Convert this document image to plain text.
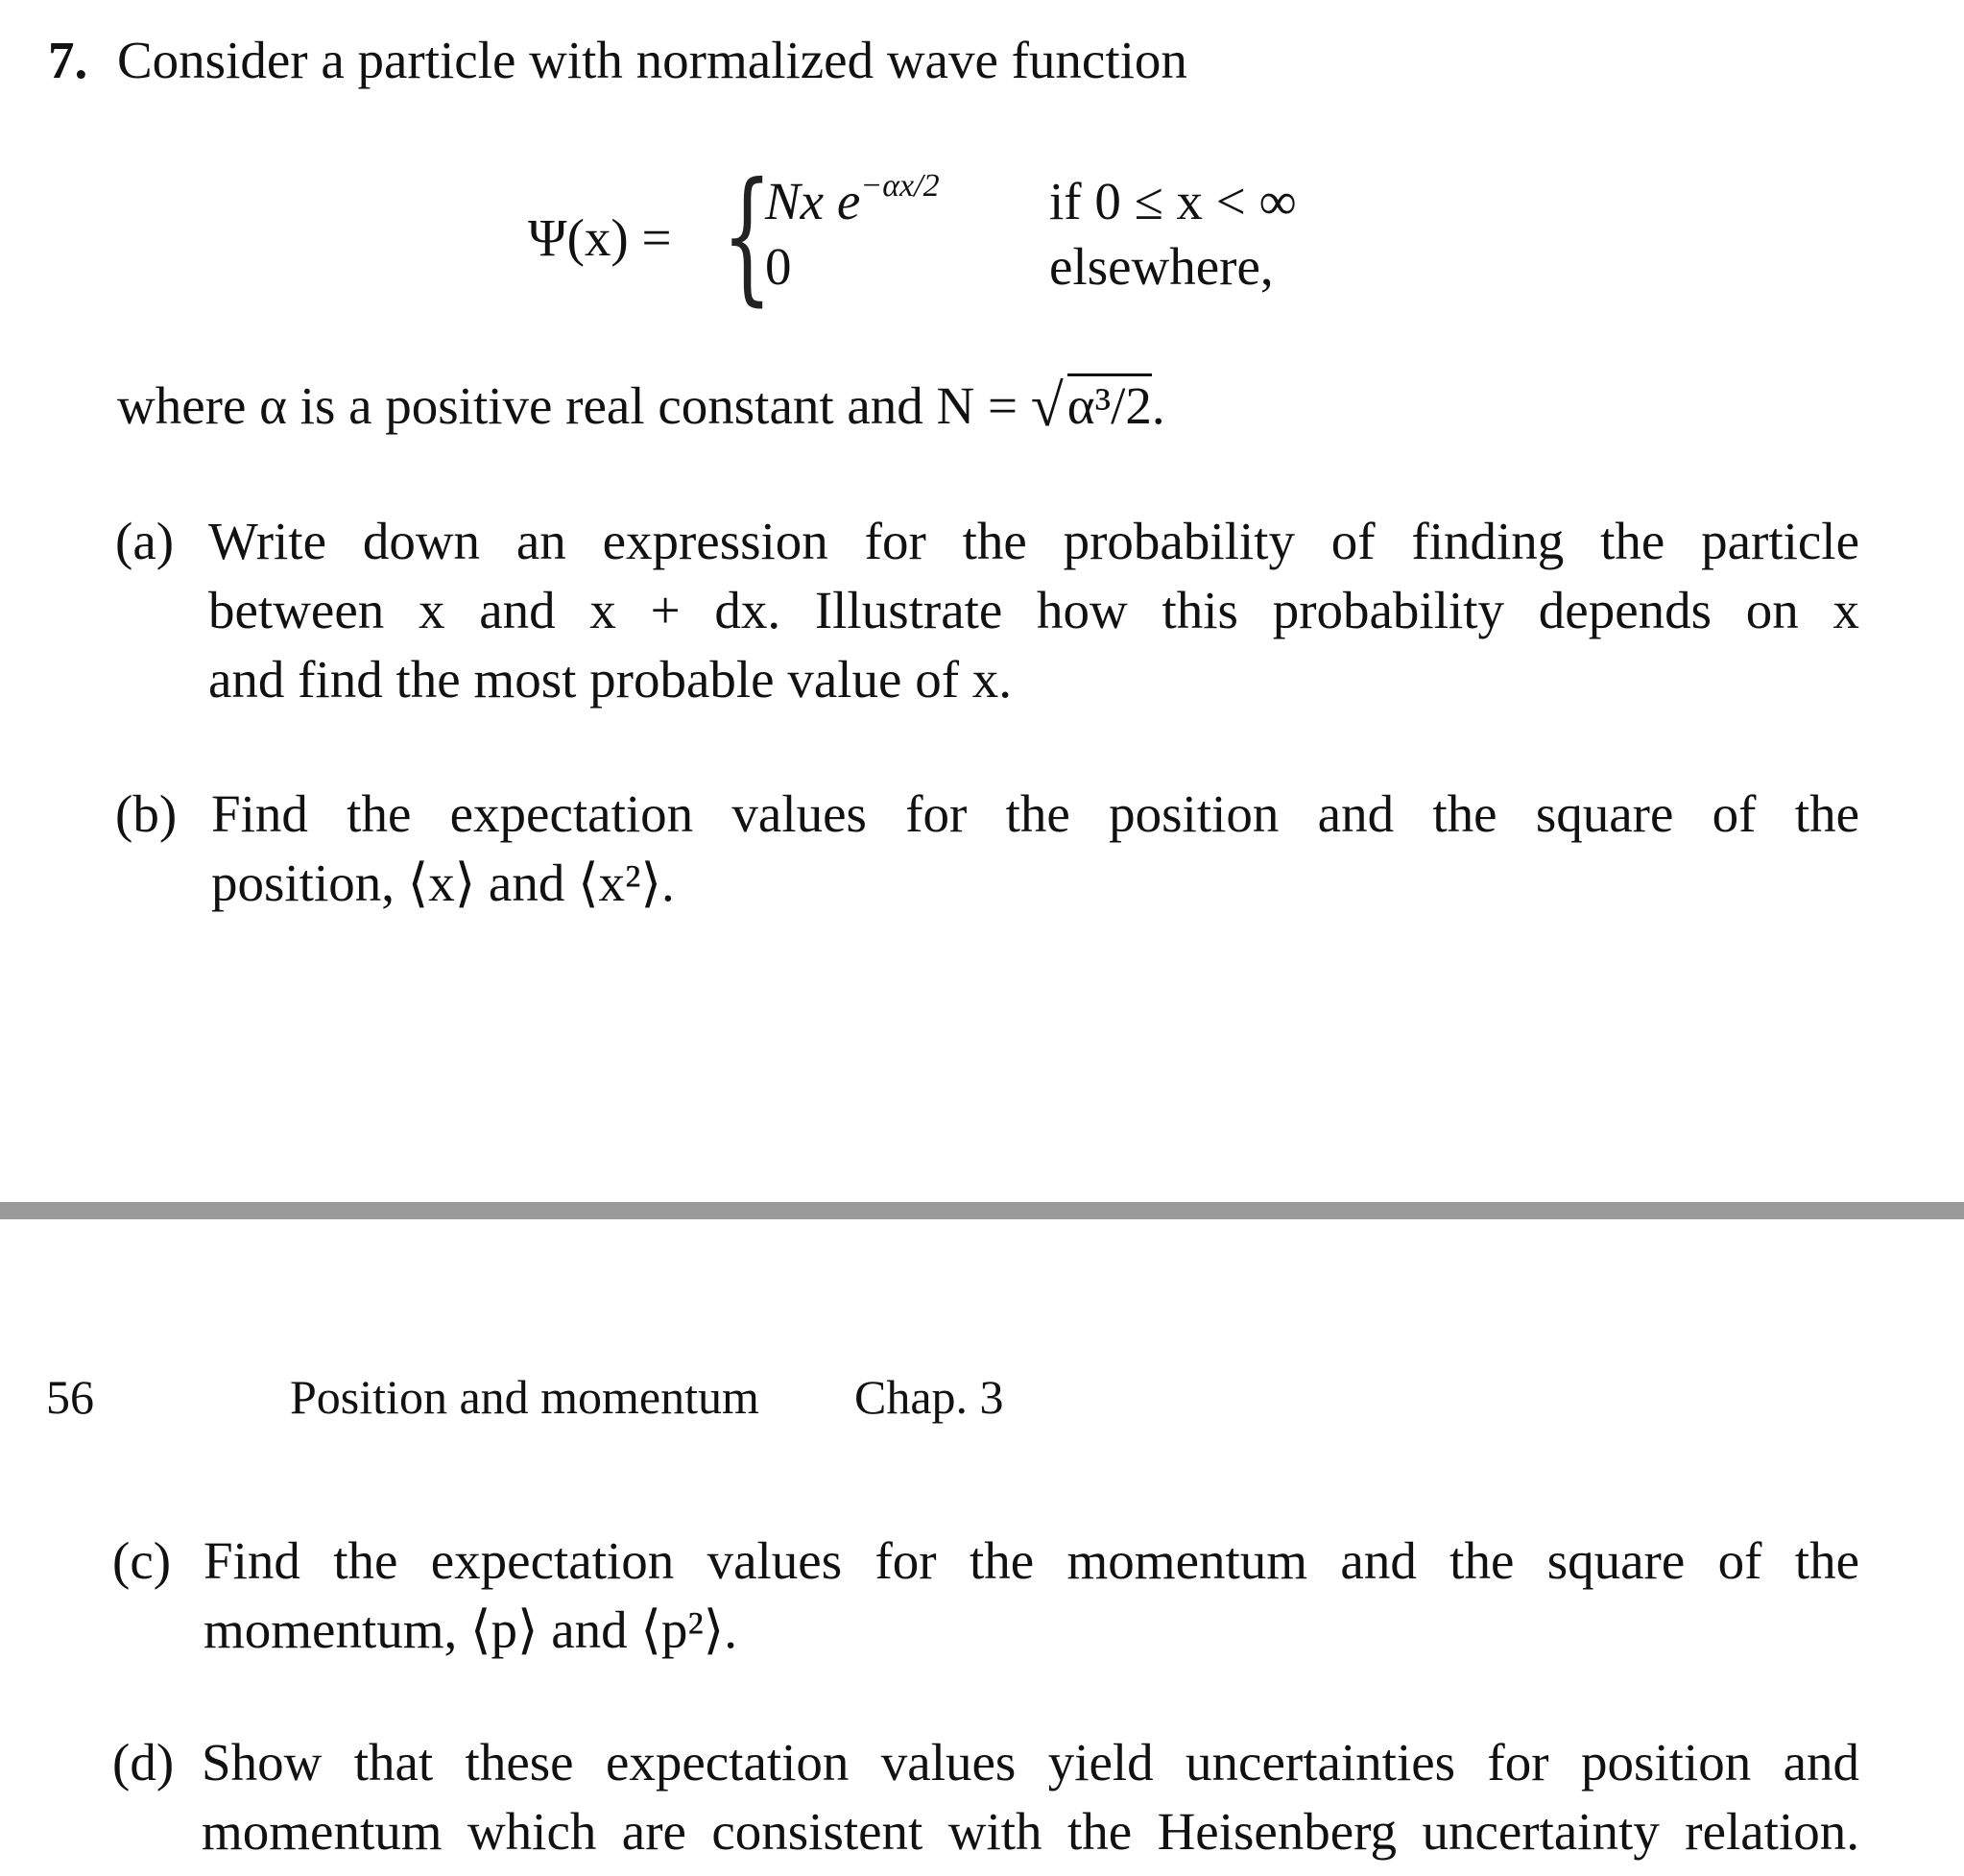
7. Consider a particle with normalized wave function
Ψ(x) = {
Nx $e^{-\alpha x/2}$ if 0 ≤ x < ∞
0	elsewhere,
where α is a positive real constant and N = √ α³/2.
(a) Write down an expression for the probability of finding the particle
between x and x + dx. Illustrate how this probability depends on x
and find the most probable value of x.
(b) Find the expectation values for the position and the square of the
position, ⟨x⟩ and ⟨x²⟩.
56	Position and momentum Chap. 3
(c) Find the expectation values for the momentum and the square of the
momentum, ⟨p⟩ and ⟨p²⟩.
(d) Show that these expectation values yield uncertainties for position and
momentum which are consistent with the Heisenberg uncertainty relation.
